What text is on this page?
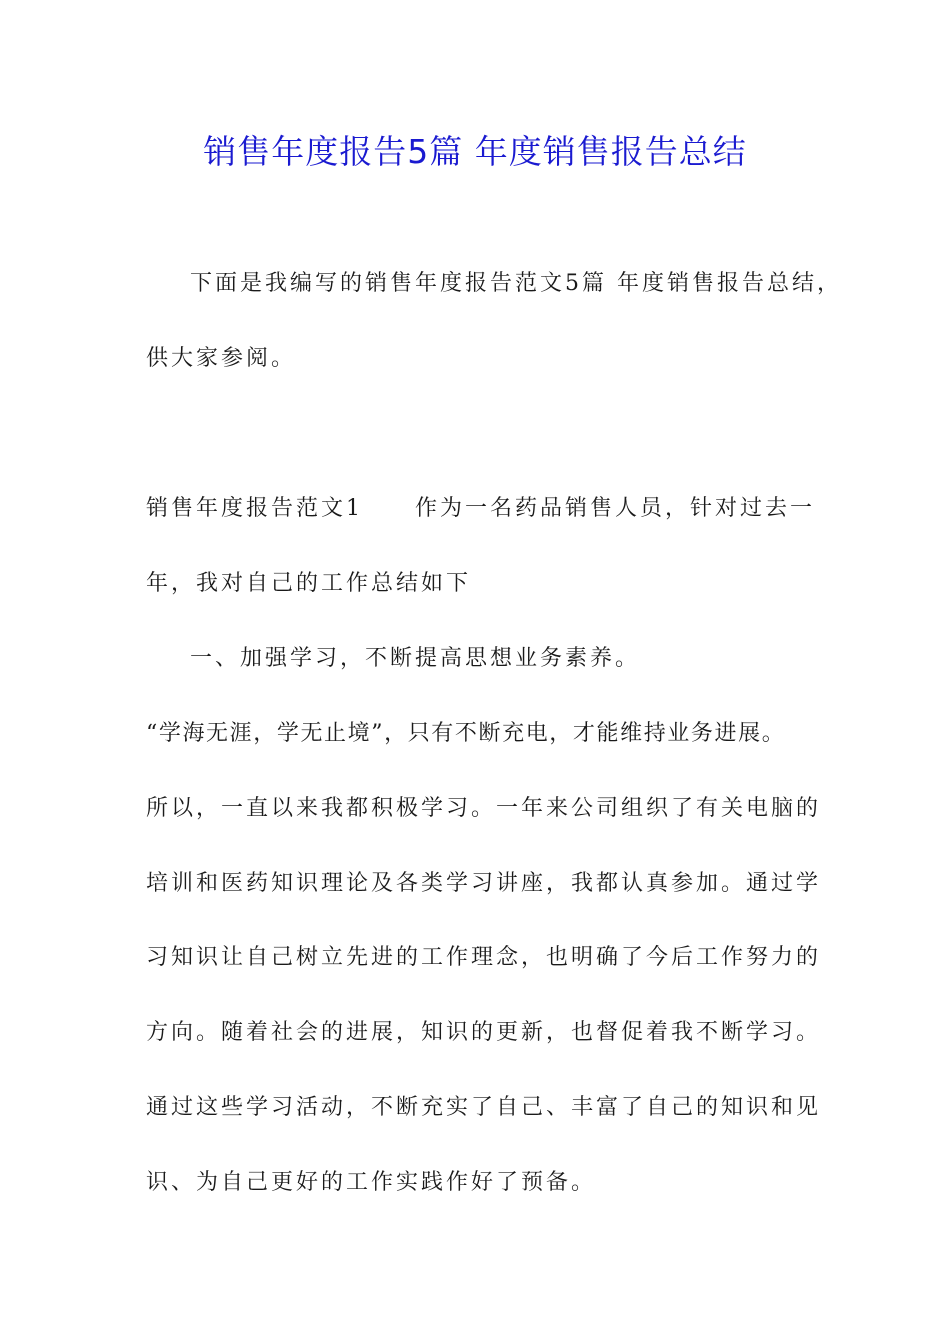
销售年度报告5篇 年度销售报告总结

下面是我编写的销售年度报告范文5篇 年度销售报告总结，

供大家参阅。

销售年度报告范文1 作为一名药品销售人员，针对过去一

年，我对自己的工作总结如下

一、加强学习，不断提高思想业务素养。

“学海无涯，学无止境”，只有不断充电，才能维持业务进展。

所以，一直以来我都积极学习。一年来公司组织了有关电脑的

培训和医药知识理论及各类学习讲座，我都认真参加。通过学

习知识让自己树立先进的工作理念，也明确了今后工作努力的

方向。随着社会的进展，知识的更新，也督促着我不断学习。

通过这些学习活动，不断充实了自己、丰富了自己的知识和见

识、为自己更好的工作实践作好了预备。
